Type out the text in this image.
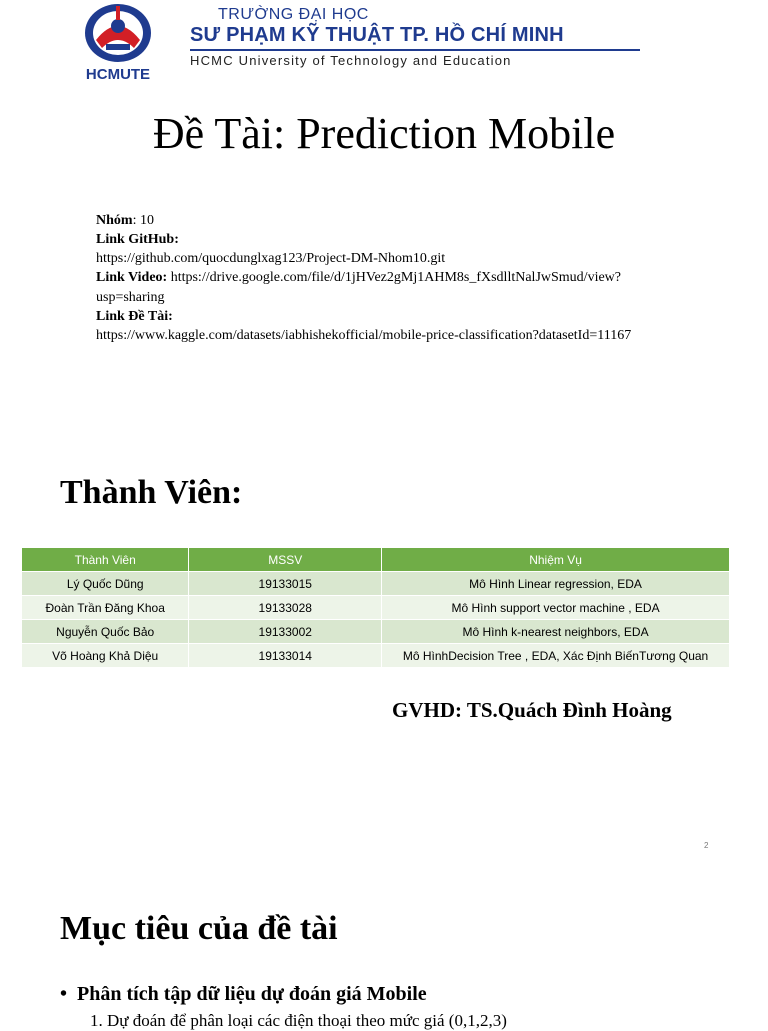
HCMUTE
TRƯỜNG ĐẠI HỌC
SƯ PHẠM KỸ THUẬT TP. HỒ CHÍ MINH
HCMC University of Technology and Education
Đề Tài: Prediction Mobile
Nhóm: 10
Link GitHub:
https://github.com/quocdunglxag123/Project-DM-Nhom10.git
Link Video: https://drive.google.com/file/d/1jHVez2gMj1AHM8s_fXsdlltNalJwSmud/view?
usp=sharing
Link Đề Tài:
https://www.kaggle.com/datasets/iabhishekofficial/mobile-price-classification?datasetId=11167
Thành Viên:
Thành Viên	MSSV	Nhiệm Vụ
Lý Quốc Dũng	19133015	Mô Hình Linear regression, EDA
Đoàn Trần Đăng Khoa	19133028	Mô Hình support vector machine , EDA
Nguyễn Quốc Bảo	19133002	Mô Hình k-nearest neighbors, EDA
Võ Hoàng Khả Diệu	19133014	Mô HìnhDecision Tree , EDA, Xác Định BiếnTương Quan
GVHD: TS.Quách Đình Hoàng
2
Mục tiêu của đề tài
•  Phân tích tập dữ liệu dự đoán giá Mobile
1. Dự đoán để phân loại các điện thoại theo mức giá (0,1,2,3)
